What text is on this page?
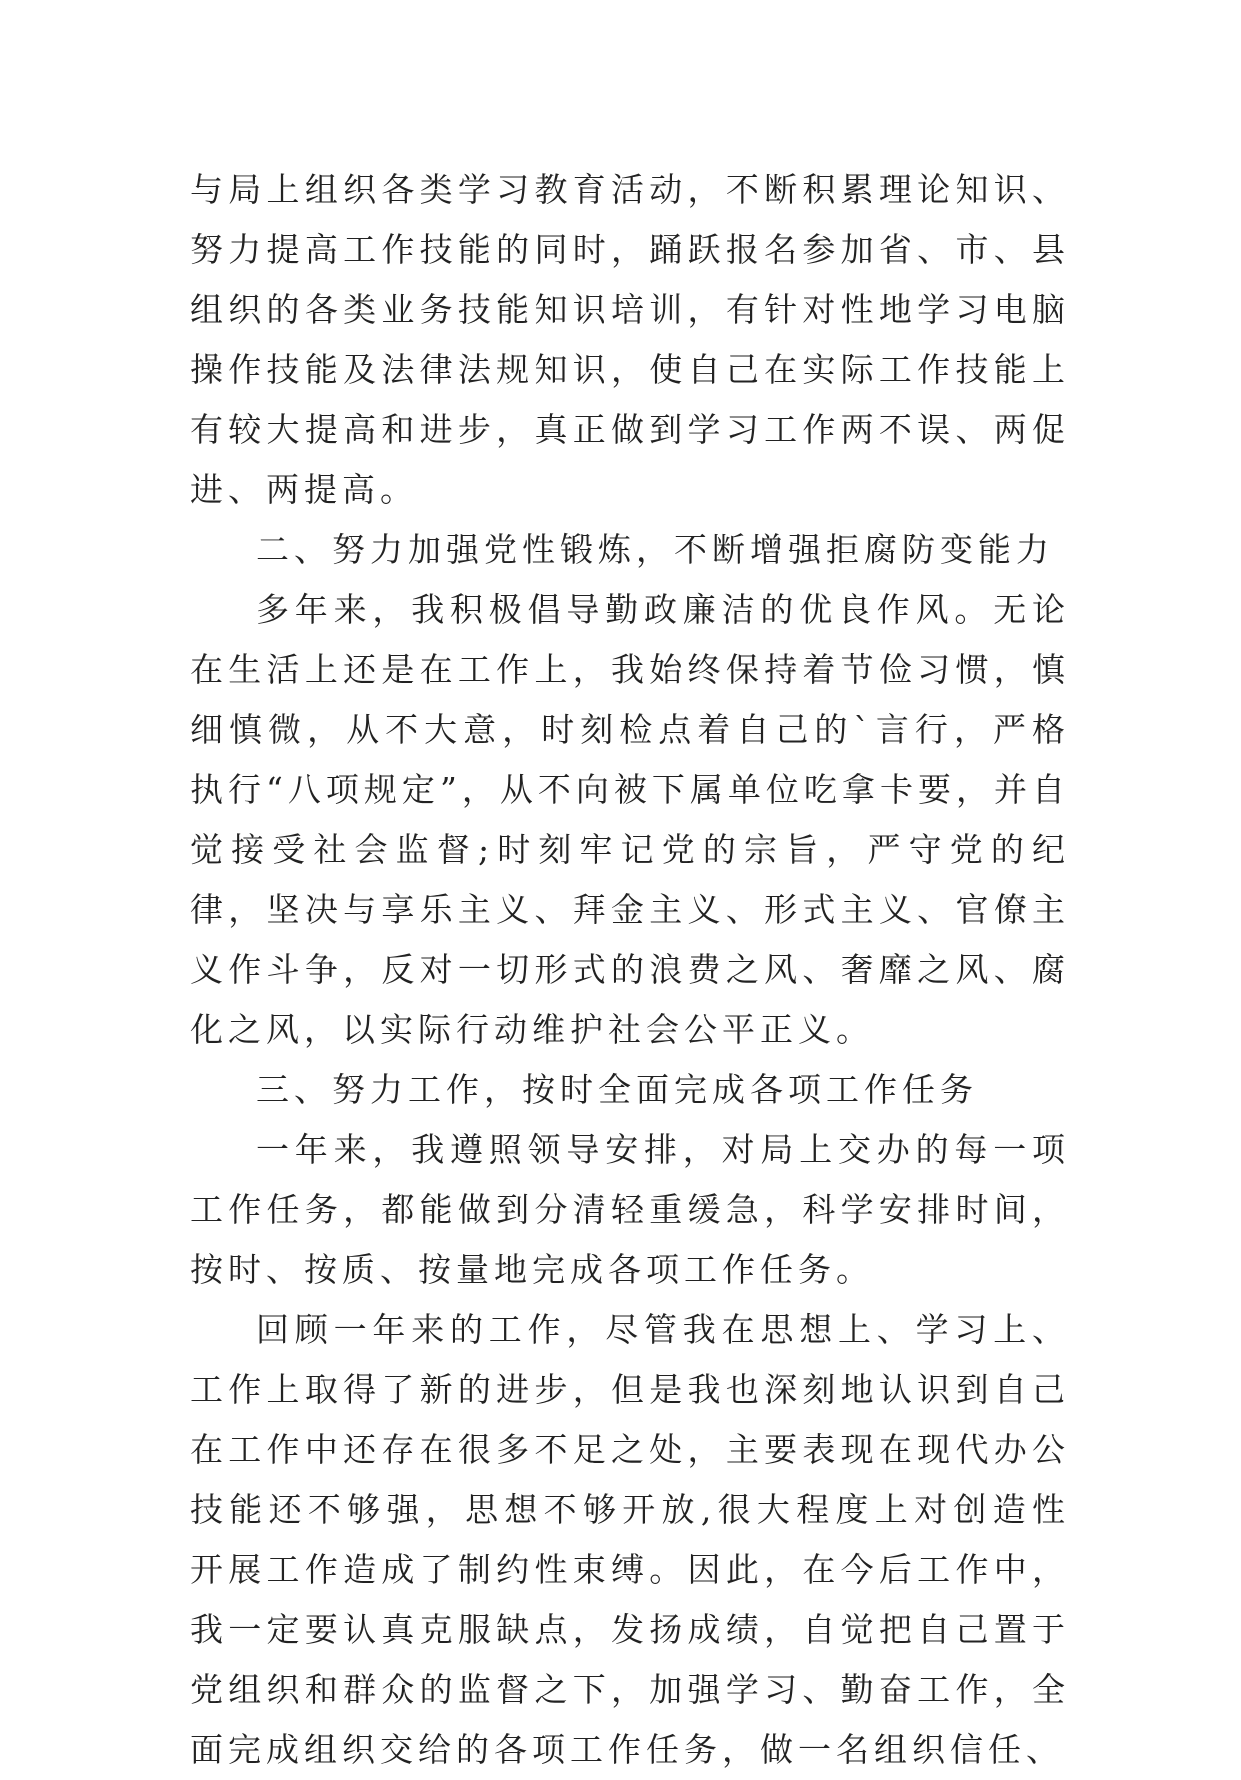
与局上组织各类学习教育活动，不断积累理论知识、努力提高工作技能的同时，踊跃报名参加省、市、县组织的各类业务技能知识培训，有针对性地学习电脑操作技能及法律法规知识，使自己在实际工作技能上有较大提高和进步，真正做到学习工作两不误、两促进、两提高。

二、努力加强党性锻炼，不断增强拒腐防变能力

多年来，我积极倡导勤政廉洁的优良作风。无论在生活上还是在工作上，我始终保持着节俭习惯，慎细慎微，从不大意，时刻检点着自己的`言行，严格执行“八项规定”，从不向被下属单位吃拿卡要，并自觉接受社会监督;时刻牢记党的宗旨，严守党的纪律，坚决与享乐主义、拜金主义、形式主义、官僚主义作斗争，反对一切形式的浪费之风、奢靡之风、腐化之风，以实际行动维护社会公平正义。

三、努力工作，按时全面完成各项工作任务

一年来，我遵照领导安排，对局上交办的每一项工作任务，都能做到分清轻重缓急，科学安排时间，按时、按质、按量地完成各项工作任务。

回顾一年来的工作，尽管我在思想上、学习上、工作上取得了新的进步，但是我也深刻地认识到自己在工作中还存在很多不足之处，主要表现在现代办公技能还不够强，思想不够开放,很大程度上对创造性开展工作造成了制约性束缚。因此，在今后工作中，我一定要认真克服缺点，发扬成绩，自觉把自己置于党组织和群众的监督之下，加强学习、勤奋工作，全面完成组织交给的各项工作任务，做一名组织信任、
